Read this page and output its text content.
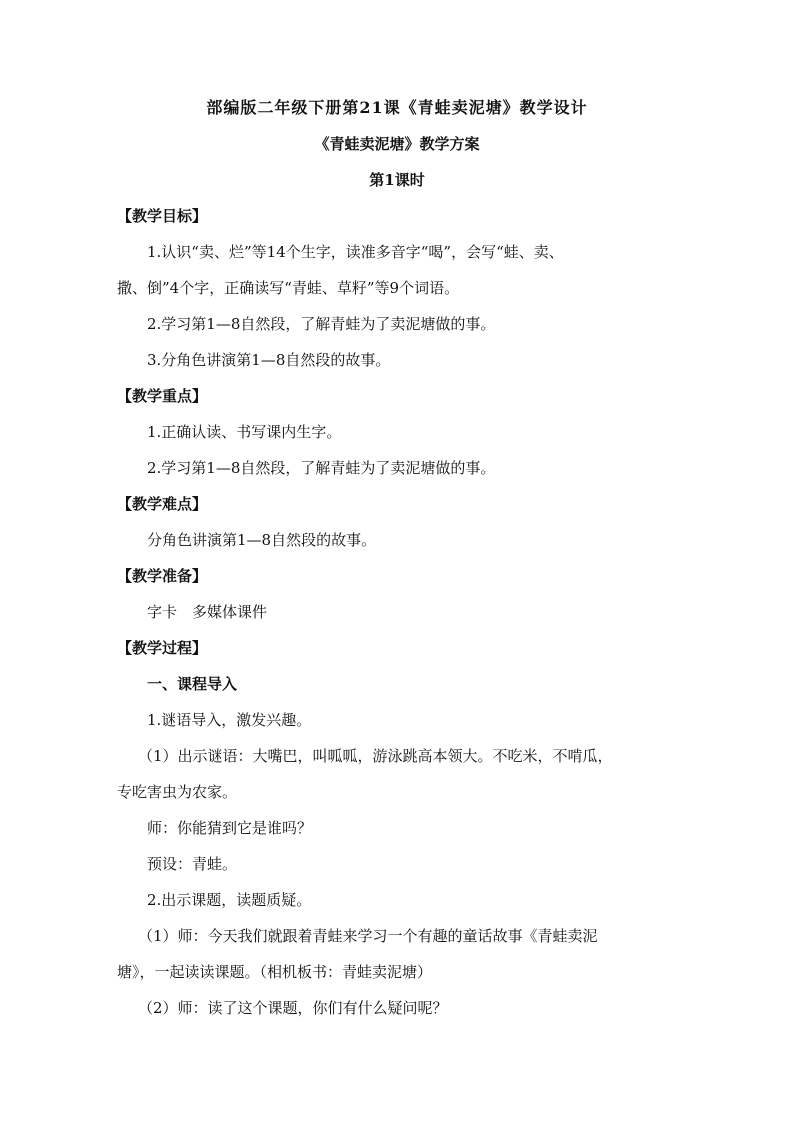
部编版二年级下册第21课《青蛙卖泥塘》教学设计
《青蛙卖泥塘》教学方案
第1课时
【教学目标】
1.认识“卖、烂”等14个生字，读准多音字“喝”，会写“蛙、卖、
撒、倒”4个字，正确读写“青蛙、草籽”等9个词语。
2.学习第1—8自然段，了解青蛙为了卖泥塘做的事。
3.分角色讲演第1—8自然段的故事。
【教学重点】
1.正确认读、书写课内生字。
2.学习第1—8自然段，了解青蛙为了卖泥塘做的事。
【教学难点】
分角色讲演第1—8自然段的故事。
【教学准备】
字卡　多媒体课件
【教学过程】
一、课程导入
1.谜语导入，激发兴趣。
（1）出示谜语：大嘴巴，叫呱呱，游泳跳高本领大。不吃米，不啃瓜，
专吃害虫为农家。
师：你能猜到它是谁吗？
预设：青蛙。
2.出示课题，读题质疑。
（1）师：今天我们就跟着青蛙来学习一个有趣的童话故事《青蛙卖泥
塘》，一起读读课题。（相机板书：青蛙卖泥塘）
（2）师：读了这个课题，你们有什么疑问呢？
